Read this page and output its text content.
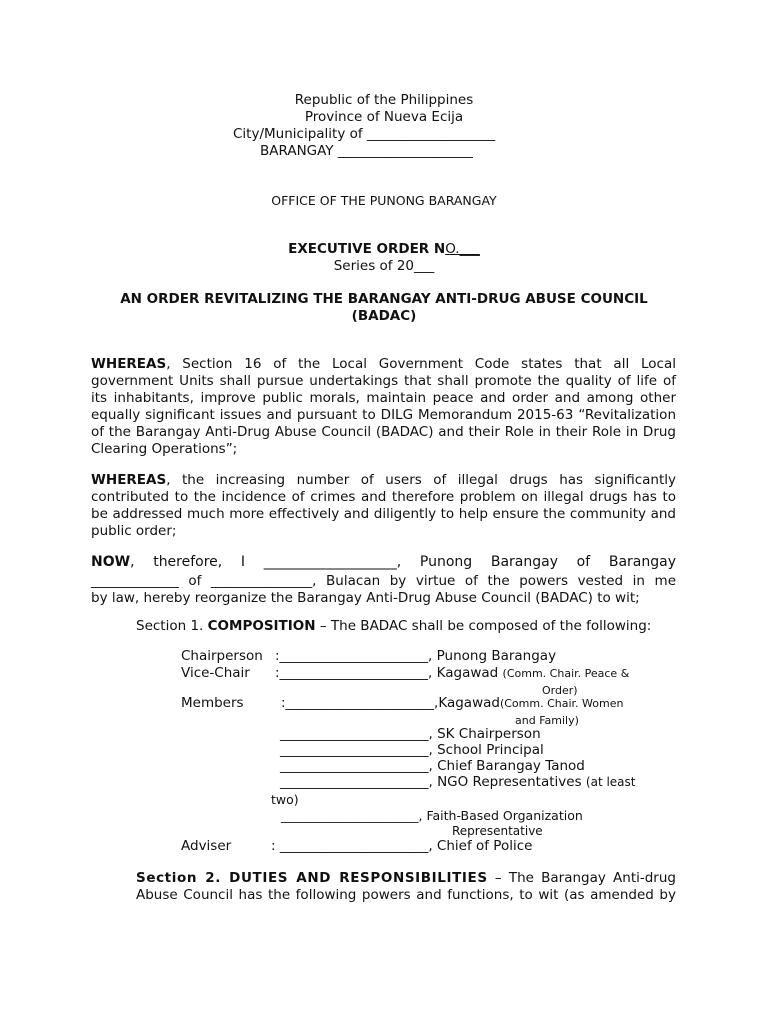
Republic of the Philippines
Province of Nueva Ecija
City/Municipality of ___________________
BARANGAY ____________________
OFFICE OF THE PUNONG BARANGAY
EXECUTIVE ORDER NO.___
Series of 20___
AN ORDER REVITALIZING THE BARANGAY ANTI-DRUG ABUSE COUNCIL
(BADAC)

WHEREAS, Section 16 of the Local Government Code states that all Local government Units shall pursue undertakings that shall promote the quality of life of its inhabitants, improve public morals, maintain peace and order and among other equally significant issues and pursuant to DILG Memorandum 2015-63 “Revitalization of the Barangay Anti-Drug Abuse Council (BADAC) and their Role in their Role in Drug Clearing Operations”;

WHEREAS, the increasing number of users of illegal drugs has significantly contributed to the incidence of crimes and therefore problem on illegal drugs has to be addressed much more effectively and diligently to help ensure the community and public order;

NOW, therefore, I ___________________, Punong Barangay of Barangay
_____________ of _______________, Bulacan by virtue of the powers vested in me
by law, hereby reorganize the Barangay Anti-Drug Abuse Council (BADAC) to wit;
Section 1. COMPOSITION – The BADAC shall be composed of the following:
Chairperson :______________________, Punong Barangay
Vice-Chair :______________________, Kagawad (Comm. Chair. Peace &
Order)
Members	:______________________,Kagawad(Comm. Chair. Women
and Family)
______________________, SK Chairperson
______________________, School Principal
______________________, Chief Barangay Tanod
______________________, NGO Representatives (at least
two)
______________________, Faith-Based Organization
Representative
Adviser	: ______________________, Chief of Police
Section 2. DUTIES AND RESPONSIBILITIES – The Barangay Anti-drug
Abuse Council has the following powers and functions, to wit (as amended by
